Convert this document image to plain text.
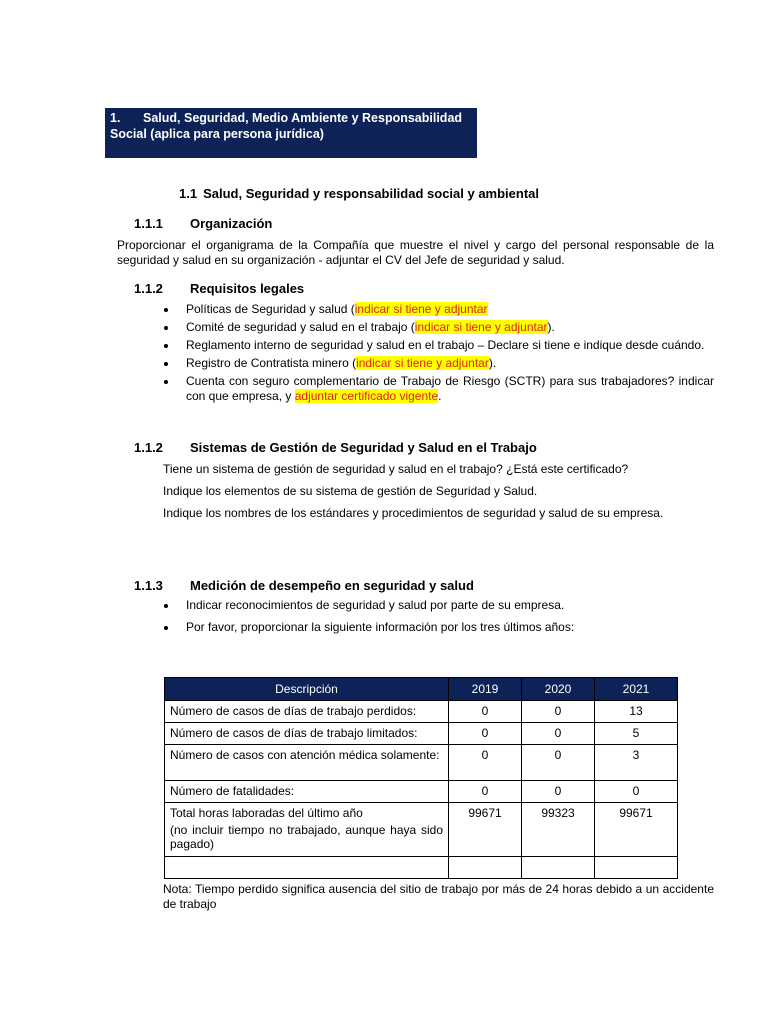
1. Salud, Seguridad, Medio Ambiente y Responsabilidad Social (aplica para persona jurídica)
1.1 Salud, Seguridad y responsabilidad social y ambiental
1.1.1 Organización
Proporcionar el organigrama de la Compañía que muestre el nivel y cargo del personal responsable de la seguridad y salud en su organización - adjuntar el CV del Jefe de seguridad y salud.
1.1.2 Requisitos legales
Políticas de Seguridad y salud (indicar si tiene y adjuntar
Comité de seguridad y salud en el trabajo (indicar si tiene y adjuntar).
Reglamento interno de seguridad y salud en el trabajo – Declare si tiene e indique desde cuándo.
Registro de Contratista minero (indicar si tiene y adjuntar).
Cuenta con seguro complementario de Trabajo de Riesgo (SCTR) para sus trabajadores? indicar con que empresa, y adjuntar certificado vigente.
1.1.2 Sistemas de Gestión de Seguridad y Salud en el Trabajo
Tiene un sistema de gestión de seguridad y salud en el trabajo? ¿Está este certificado?
Indique los elementos de su sistema de gestión de Seguridad y Salud.
Indique los nombres de los estándares y procedimientos de seguridad y salud de su empresa.
1.1.3 Medición de desempeño en seguridad y salud
Indicar reconocimientos de seguridad y salud por parte de su empresa.
Por favor, proporcionar la siguiente información por los tres últimos años:
Descripción	2019	2020	2021
Número de casos de días de trabajo perdidos:	0	0	13
Número de casos de días de trabajo limitados:	0	0	5
Número de casos con atención médica solamente:	0	0	3
Número de fatalidades:	0	0	0

Total horas laboradas del último año
(no incluir tiempo no trabajado, aunque haya sido pagado)	99671	99323	99671

Nota: Tiempo perdido significa ausencia del sitio de trabajo por más de 24 horas debido a un accidente de trabajo
